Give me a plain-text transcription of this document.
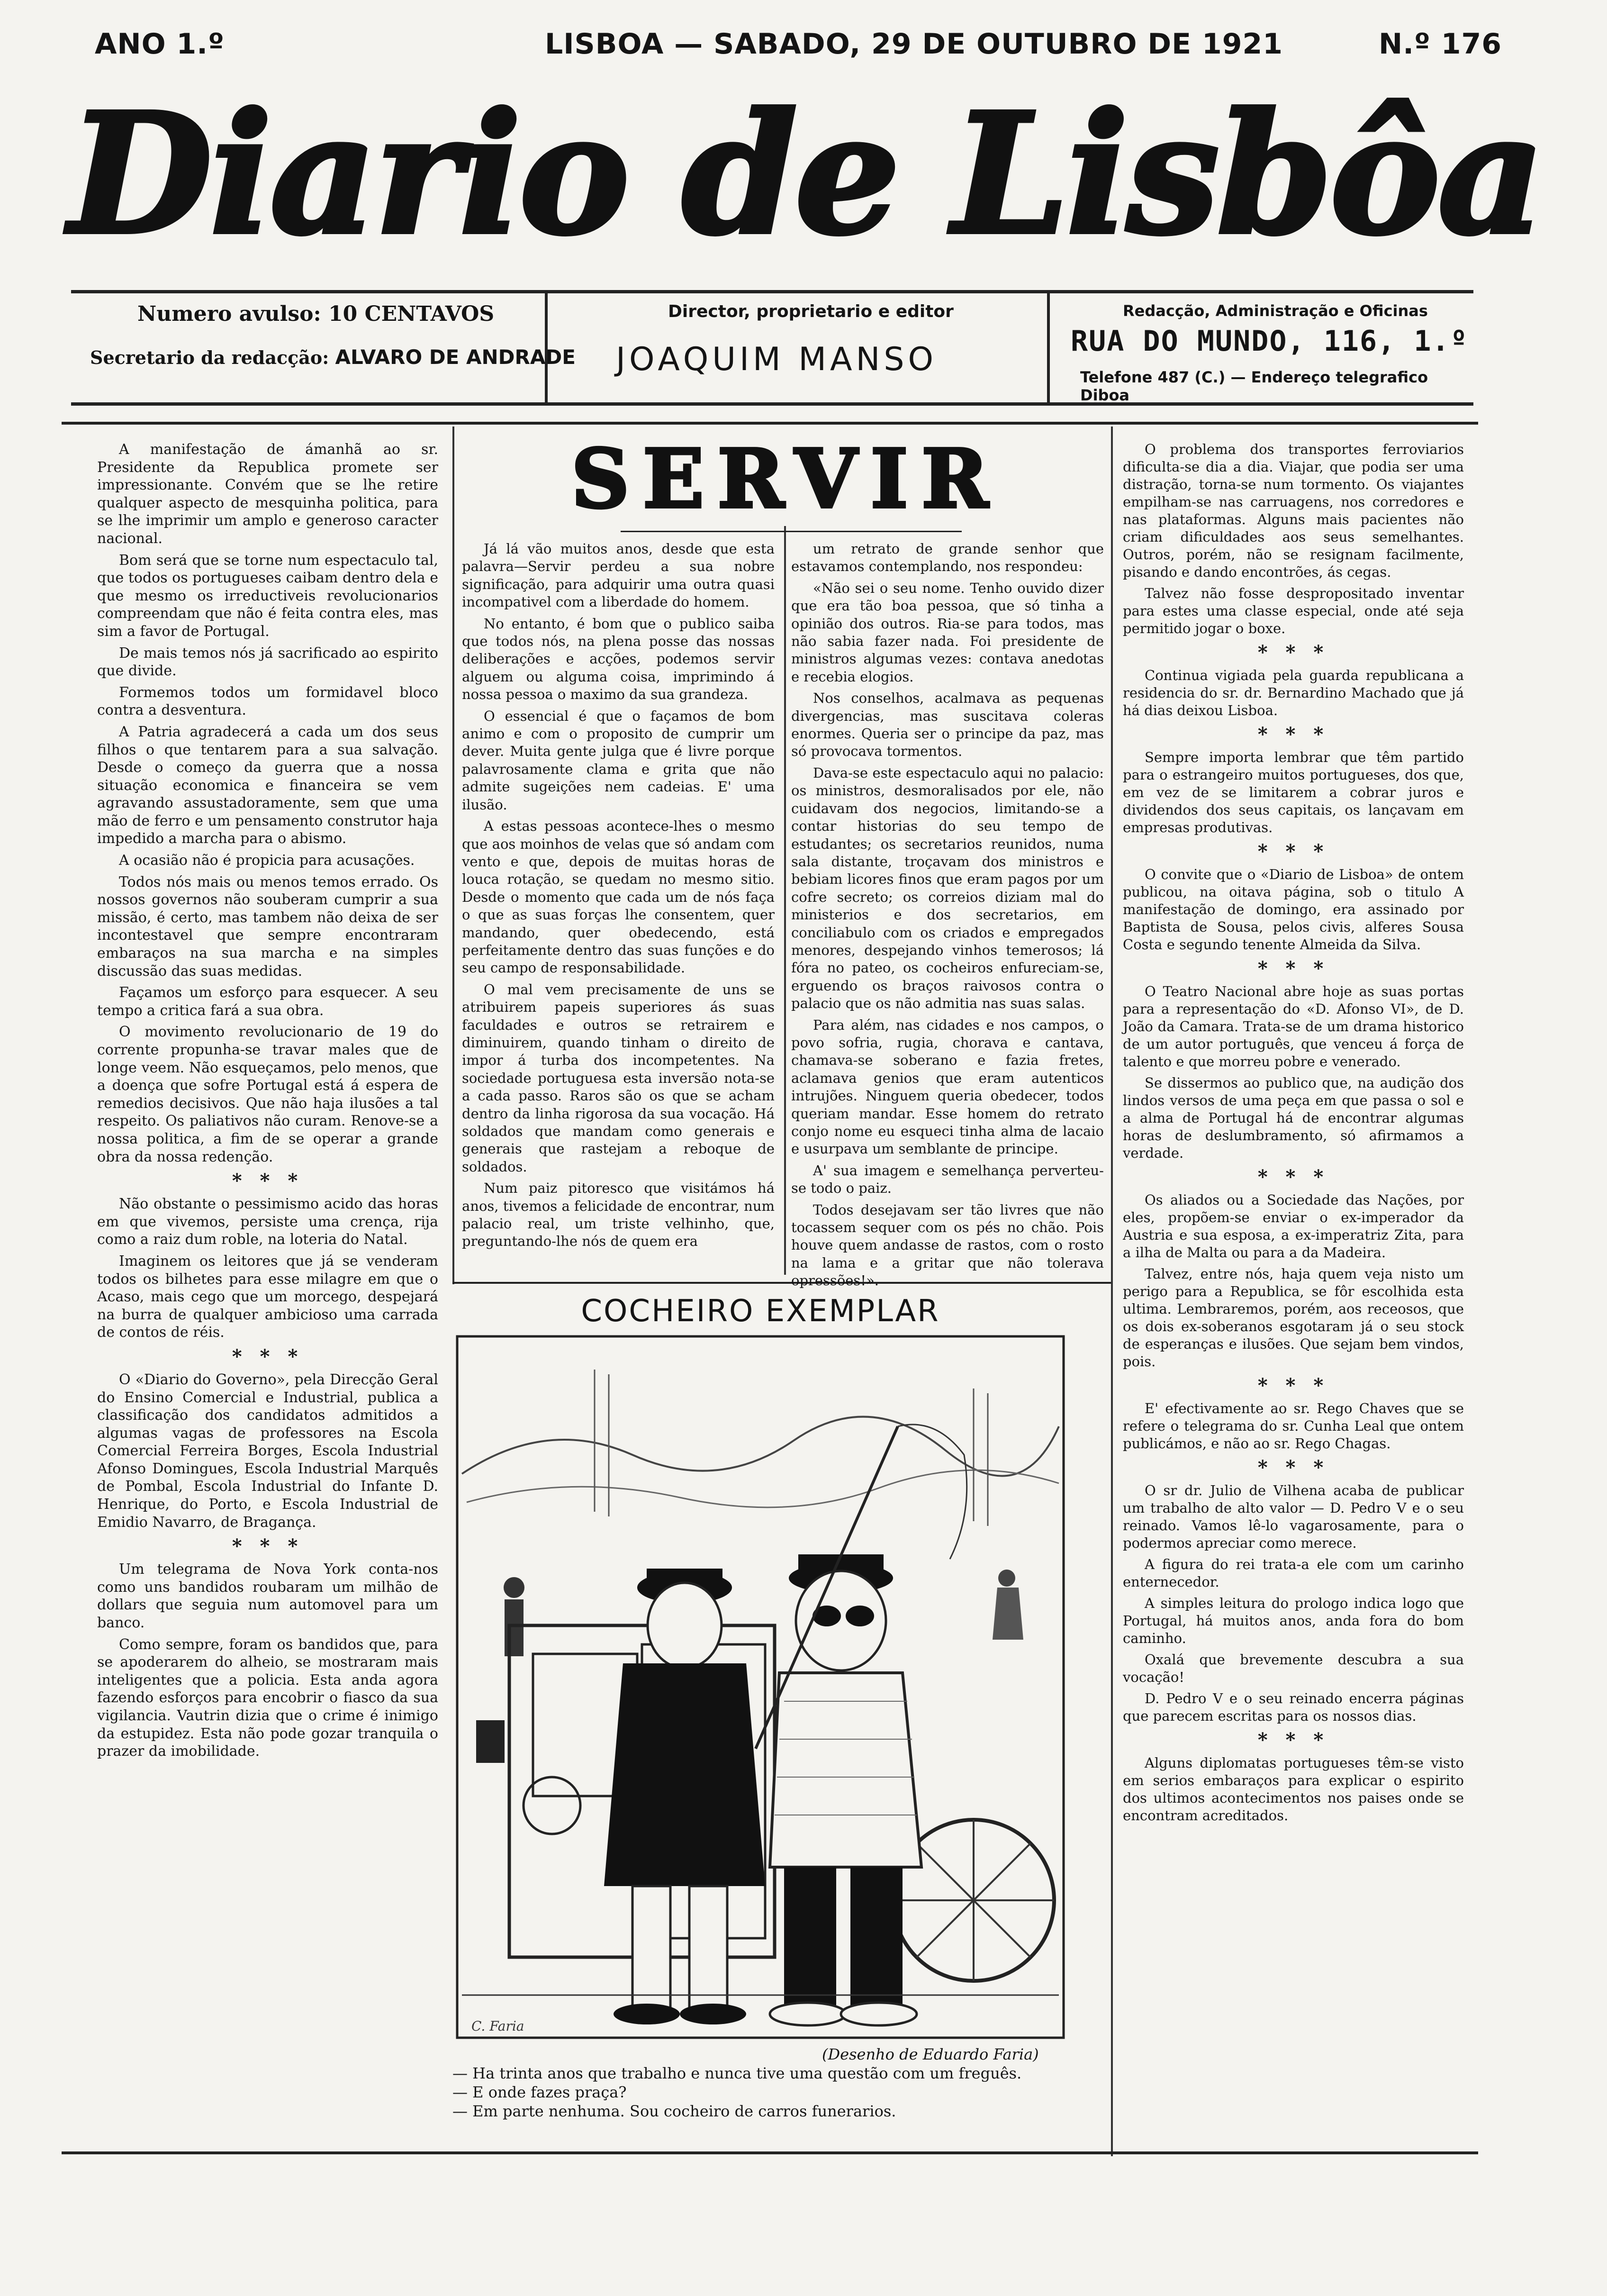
ANO 1.º	LISBOA — SABADO, 29 DE OUTUBRO DE 1921	N.º 176
Diario de Lisbôa
Numero avulso: 10 CENTAVOS
Secretario da redacção: ALVARO DE ANDRADE
Director, proprietario e editor
JOAQUIM MANSO
Redacção, Administração e Oficinas
RUA DO MUNDO, 116, 1.º
Telefone 487 (C.) — Endereço telegrafico Diboa

A manifestação de ámanhã ao sr. Presidente da Republica promete ser impressionante. Convém que se lhe retire qualquer aspecto de mesquinha politica, para se lhe imprimir um amplo e generoso caracter nacional.

Bom será que se torne num espectaculo tal, que todos os portugueses caibam dentro dela e que mesmo os irreductiveis revolucionarios compreendam que não é feita contra eles, mas sim a favor de Portugal.

De mais temos nós já sacrificado ao espirito que divide.

Formemos todos um formidavel bloco contra a desventura.

A Patria agradecerá a cada um dos seus filhos o que tentarem para a sua salvação. Desde o começo da guerra que a nossa situação economica e financeira se vem agravando assustadoramente, sem que uma mão de ferro e um pensamento construtor haja impedido a marcha para o abismo.

A ocasião não é propicia para acusações.

Todos nós mais ou menos temos errado. Os nossos governos não souberam cumprir a sua missão, é certo, mas tambem não deixa de ser incontestavel que sempre encontraram embaraços na sua marcha e na simples discussão das suas medidas.

Façamos um esforço para esquecer. A seu tempo a critica fará a sua obra.

O movimento revolucionario de 19 do corrente propunha-se travar males que de longe veem. Não esqueçamos, pelo menos, que a doença que sofre Portugal está á espera de remedios decisivos. Que não haja ilusões a tal respeito. Os paliativos não curam. Renove-se a nossa politica, a fim de se operar a grande obra da nossa redenção.

* * *

Não obstante o pessimismo acido das horas em que vivemos, persiste uma crença, rija como a raiz dum roble, na loteria do Natal.

Imaginem os leitores que já se venderam todos os bilhetes para esse milagre em que o Acaso, mais cego que um morcego, despejará na burra de qualquer ambicioso uma carrada de contos de réis.

* * *

O «Diario do Governo», pela Direcção Geral do Ensino Comercial e Industrial, publica a classificação dos candidatos admitidos a algumas vagas de professores na Escola Comercial Ferreira Borges, Escola Industrial Afonso Domingues, Escola Industrial Marquês de Pombal, Escola Industrial do Infante D. Henrique, do Porto, e Escola Industrial de Emidio Navarro, de Bragança.

* * *

Um telegrama de Nova York conta-nos como uns bandidos roubaram um milhão de dollars que seguia num automovel para um banco.

Como sempre, foram os bandidos que, para se apoderarem do alheio, se mostraram mais inteligentes que a policia. Esta anda agora fazendo esforços para encobrir o fiasco da sua vigilancia. Vautrin dizia que o crime é inimigo da estupidez. Esta não pode gozar tranquila o prazer da imobilidade.

SERVIR

Já lá vão muitos anos, desde que esta palavra—Servir perdeu a sua nobre significação, para adquirir uma outra quasi incompativel com a liberdade do homem.

No entanto, é bom que o publico saiba que todos nós, na plena posse das nossas deliberações e acções, podemos servir alguem ou alguma coisa, imprimindo á nossa pessoa o maximo da sua grandeza.

O essencial é que o façamos de bom animo e com o proposito de cumprir um dever. Muita gente julga que é livre porque palavrosamente clama e grita que não admite sugeições nem cadeias. E' uma ilusão.

A estas pessoas acontece-lhes o mesmo que aos moinhos de velas que só andam com vento e que, depois de muitas horas de louca rotação, se quedam no mesmo sitio. Desde o momento que cada um de nós faça o que as suas forças lhe consentem, quer mandando, quer obedecendo, está perfeitamente dentro das suas funções e do seu campo de responsabilidade.

O mal vem precisamente de uns se atribuirem papeis superiores ás suas faculdades e outros se retrairem e diminuirem, quando tinham o direito de impor á turba dos incompetentes. Na sociedade portuguesa esta inversão nota-se a cada passo. Raros são os que se acham dentro da linha rigorosa da sua vocação. Há soldados que mandam como generais e generais que rastejam a reboque de soldados.

Num paiz pitoresco que visitámos há anos, tivemos a felicidade de encontrar, num palacio real, um triste velhinho, que, preguntando-lhe nós de quem era

um retrato de grande senhor que estavamos contemplando, nos respondeu:

«Não sei o seu nome. Tenho ouvido dizer que era tão boa pessoa, que só tinha a opinião dos outros. Ria-se para todos, mas não sabia fazer nada. Foi presidente de ministros algumas vezes: contava anedotas e recebia elogios.

Nos conselhos, acalmava as pequenas divergencias, mas suscitava coleras enormes. Queria ser o principe da paz, mas só provocava tormentos.

Dava-se este espectaculo aqui no palacio: os ministros, desmoralisados por ele, não cuidavam dos negocios, limitando-se a contar historias do seu tempo de estudantes; os secretarios reunidos, numa sala distante, troçavam dos ministros e bebiam licores finos que eram pagos por um cofre secreto; os correios diziam mal do ministerios e dos secretarios, em conciliabulo com os criados e empregados menores, despejando vinhos temerosos; lá fóra no pateo, os cocheiros enfureciam-se, erguendo os braços raivosos contra o palacio que os não admitia nas suas salas.

Para além, nas cidades e nos campos, o povo sofria, rugia, chorava e cantava, chamava-se soberano e fazia fretes, aclamava genios que eram autenticos intrujões. Ninguem queria obedecer, todos queriam mandar. Esse homem do retrato conjo nome eu esqueci tinha alma de lacaio e usurpava um semblante de principe.

A' sua imagem e semelhança perverteu-se todo o paiz.

Todos desejavam ser tão livres que não tocassem sequer com os pés no chão. Pois houve quem andasse de rastos, com o rosto na lama e a gritar que não tolerava opressões!».

COCHEIRO EXEMPLAR
C. Faria
(Desenho de Eduardo Faria)
— Ha trinta anos que trabalho e nunca tive uma questão com um freguês.
— E onde fazes praça?
— Em parte nenhuma. Sou cocheiro de carros funerarios.

O problema dos transportes ferroviarios dificulta-se dia a dia. Viajar, que podia ser uma distração, torna-se num tormento. Os viajantes empilham-se nas carruagens, nos corredores e nas plataformas. Alguns mais pacientes não criam dificuldades aos seus semelhantes. Outros, porém, não se resignam facilmente, pisando e dando encontrões, ás cegas.

Talvez não fosse despropositado inventar para estes uma classe especial, onde até seja permitido jogar o boxe.

* * *

Continua vigiada pela guarda republicana a residencia do sr. dr. Bernardino Machado que já há dias deixou Lisboa.

* * *

Sempre importa lembrar que têm partido para o estrangeiro muitos portugueses, dos que, em vez de se limitarem a cobrar juros e dividendos dos seus capitais, os lançavam em empresas produtivas.

* * *

O convite que o «Diario de Lisboa» de ontem publicou, na oitava página, sob o titulo A manifestação de domingo, era assinado por Baptista de Sousa, pelos civis, alferes Sousa Costa e segundo tenente Almeida da Silva.

* * *

O Teatro Nacional abre hoje as suas portas para a representação do «D. Afonso VI», de D. João da Camara. Trata-se de um drama historico de um autor português, que venceu á força de talento e que morreu pobre e venerado.

Se dissermos ao publico que, na audição dos lindos versos de uma peça em que passa o sol e a alma de Portugal há de encontrar algumas horas de deslumbramento, só afirmamos a verdade.

* * *

Os aliados ou a Sociedade das Nações, por eles, propõem-se enviar o ex-imperador da Austria e sua esposa, a ex-imperatriz Zita, para a ilha de Malta ou para a da Madeira.

Talvez, entre nós, haja quem veja nisto um perigo para a Republica, se fôr escolhida esta ultima. Lembraremos, porém, aos receosos, que os dois ex-soberanos esgotaram já o seu stock de esperanças e ilusões. Que sejam bem vindos, pois.

* * *

E' efectivamente ao sr. Rego Chaves que se refere o telegrama do sr. Cunha Leal que ontem publicámos, e não ao sr. Rego Chagas.

* * *

O sr dr. Julio de Vilhena acaba de publicar um trabalho de alto valor — D. Pedro V e o seu reinado. Vamos lê-lo vagarosamente, para o podermos apreciar como merece.

A figura do rei trata-a ele com um carinho enternecedor.

A simples leitura do prologo indica logo que Portugal, há muitos anos, anda fora do bom caminho.

Oxalá que brevemente descubra a sua vocação!

D. Pedro V e o seu reinado encerra páginas que parecem escritas para os nossos dias.

* * *

Alguns diplomatas portugueses têm-se visto em serios embaraços para explicar o espirito dos ultimos acontecimentos nos paises onde se encontram acreditados.
